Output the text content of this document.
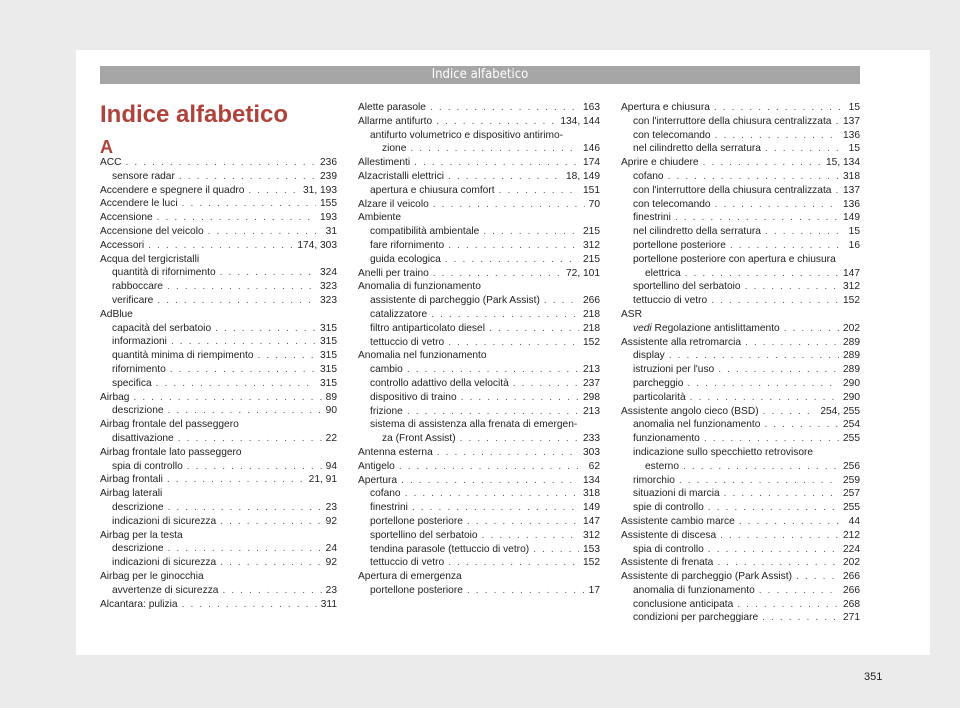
Indice alfabetico
Indice alfabetico
A
ACC . . .	236
sensore radar . . .	239
Accendere e spegnere il quadro . . .	31, 193
Accendere le luci . . .	155
Accensione . . .	193
Accensione del veicolo . . .	31
Accessori . . .	174, 303
Acqua del tergicristalli
quantità di rifornimento . . .	324
rabboccare . . .	323
verificare . . .	323
AdBlue
capacità del serbatoio . . .	315
informazioni . . .	315
quantità minima di riempimento . . .	315
rifornimento . . .	315
specifica . . .	315
Airbag . . .	89
descrizione . . .	90
Airbag frontale del passeggero
disattivazione . . .	22
Airbag frontale lato passeggero
spia di controllo . . .	94
Airbag frontali . . .	21, 91
Airbag laterali
descrizione . . .	23
indicazioni di sicurezza . . .	92
Airbag per la testa
descrizione . . .	24
indicazioni di sicurezza . . .	92
Airbag per le ginocchia
avvertenze di sicurezza . . .	23
Alcantara: pulizia . . .	311
Alette parasole . . .	163
Allarme antifurto . . .	134, 144
antifurto volumetrico e dispositivo antirimo-
zione . . .	146
Allestimenti . . .	174
Alzacristalli elettrici . . .	18, 149
apertura e chiusura comfort . . .	151
Alzare il veicolo . . .	70
Ambiente
compatibilità ambientale . . .	215
fare rifornimento . . .	312
guida ecologica . . .	215
Anelli per traino . . .	72, 101
Anomalia di funzionamento
assistente di parcheggio (Park Assist) . . .	266
catalizzatore . . .	218
filtro antiparticolato diesel . . .	218
tettuccio di vetro . . .	152
Anomalia nel funzionamento
cambio . . .	213
controllo adattivo della velocità . . .	237
dispositivo di traino . . .	298
frizione . . .	213
sistema di assistenza alla frenata di emergen-
za (Front Assist) . . .	233
Antenna esterna . . .	303
Antigelo . . .	62
Apertura . . .	134
cofano . . .	318
finestrini . . .	149
portellone posteriore . . .	147
sportellino del serbatoio . . .	312
tendina parasole (tettuccio di vetro) . . .	153
tettuccio di vetro . . .	152
Apertura di emergenza
portellone posteriore . . .	17
Apertura e chiusura . . .	15
con l'interruttore della chiusura centralizzata . . . 137
con telecomando . . .	136
nel cilindretto della serratura . . .	15
Aprire e chiudere . . .	15, 134
cofano . . .	318
con l'interruttore della chiusura centralizzata . . . 137
con telecomando . . .	136
finestrini . . .	149
nel cilindretto della serratura . . .	15
portellone posteriore . . .	16
portellone posteriore con apertura e chiusura
elettrica . . .	147
sportellino del serbatoio . . .	312
tettuccio di vetro . . .	152
ASR
vedi Regolazione antislittamento . . .	202
Assistente alla retromarcia . . .	289
display . . .	289
istruzioni per l'uso . . .	289
parcheggio . . .	290
particolarità . . .	290
Assistente angolo cieco (BSD) . . .	254, 255
anomalia nel funzionamento . . .	254
funzionamento . . .	255
indicazione sullo specchietto retrovisore
esterno . . .	256
rimorchio . . .	259
situazioni di marcia . . .	257
spie di controllo . . .	255
Assistente cambio marce . . .	44
Assistente di discesa . . .	212
spia di controllo . . .	224
Assistente di frenata . . .	202
Assistente di parcheggio (Park Assist) . . .	266
anomalia di funzionamento . . .	266
conclusione anticipata . . .	268
condizioni per parcheggiare . . .	271
351
